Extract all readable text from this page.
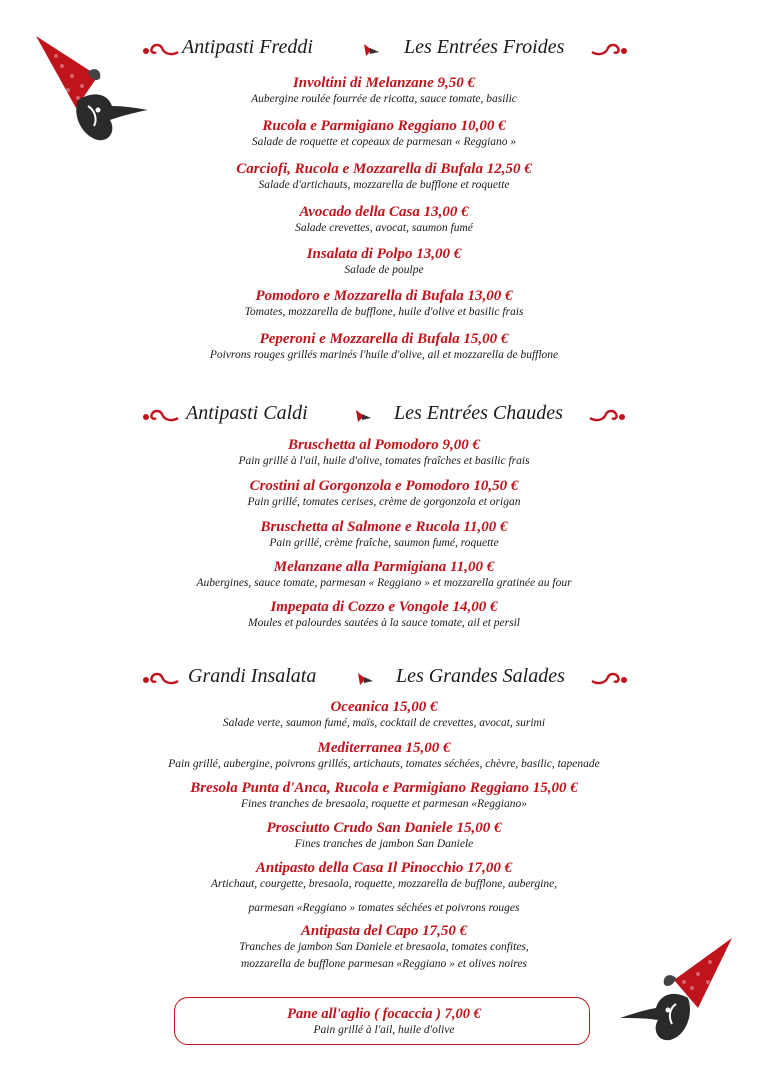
Antipasti Freddi	Les Entrées Froides
Involtini di Melanzane 9,50 €
Aubergine roulée fourrée de ricotta, sauce tomate, basilic
Rucola e Parmigiano Reggiano 10,00 €
Salade de roquette et copeaux de parmesan « Reggiano »
Carciofi, Rucola e Mozzarella di Bufala 12,50 €
Salade d'artichauts, mozzarella de bufflone et roquette
Avocado della Casa 13,00 €
Salade crevettes, avocat, saumon fumé
Insalata di Polpo 13,00 €
Salade de poulpe
Pomodoro e Mozzarella di Bufala 13,00 €
Tomates, mozzarella de bufflone, huile d'olive et basilic frais
Peperoni e Mozzarella di Bufala 15,00 €
Poivrons rouges grillés marinés l'huile d'olive, ail et mozzarella de bufflone
Antipasti Caldi	Les Entrées Chaudes
Bruschetta al Pomodoro 9,00 €
Pain grillé à l'ail, huile d'olive, tomates fraîches et basilic frais
Crostini al Gorgonzola e Pomodoro 10,50 €
Pain grillé, tomates cerises, crème de gorgonzola et origan
Bruschetta al Salmone e Rucola 11,00 €
Pain grillé, crème fraîche, saumon fumé, roquette
Melanzane alla Parmigiana 11,00 €
Aubergines, sauce tomate, parmesan « Reggiano » et mozzarella gratinée au four
Impepata di Cozzo e Vongole 14,00 €
Moules et palourdes sautées à la sauce tomate, ail et persil
Grandi Insalata	Les Grandes Salades
Oceanica 15,00 €
Salade verte, saumon fumé, maïs, cocktail de crevettes, avocat, surimi
Mediterranea 15,00 €
Pain grillé, aubergine, poivrons grillés, artichauts, tomates séchées, chèvre, basilic, tapenade
Bresola Punta d'Anca, Rucola e Parmigiano Reggiano 15,00 €
Fines tranches de bresaola, roquette et parmesan «Reggiano»
Prosciutto Crudo San Daniele 15,00 €
Fines tranches de jambon San Daniele
Antipasto della Casa Il Pinocchio 17,00 €
Artichaut, courgette, bresaola, roquette, mozzarella de bufflone, aubergine,
parmesan «Reggiano » tomates séchées et poivrons rouges
Antipasta del Capo 17,50 €
Tranches de jambon San Daniele et bresaola, tomates confites,
mozzarella de bufflone parmesan «Reggiano » et olives noires
Pane all'aglio ( focaccia ) 7,00 €
Pain grillé à l'ail, huile d'olive
